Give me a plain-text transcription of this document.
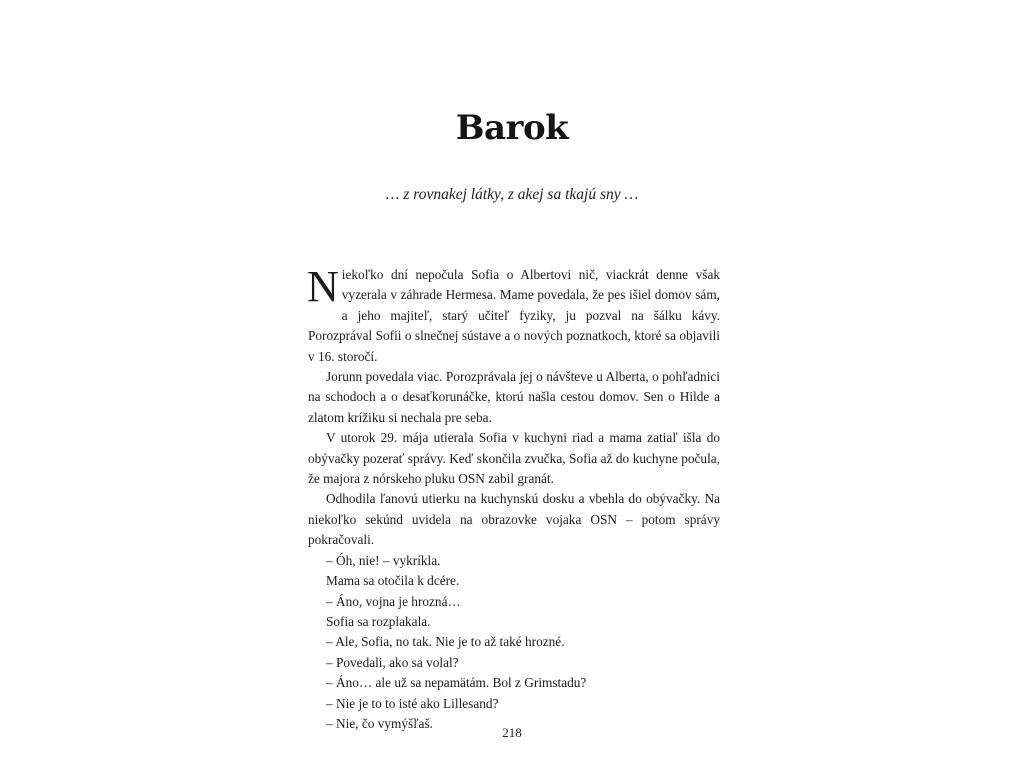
Barok

… z rovnakej látky, z akej sa tkajú sny …

Niekoľko dní nepočula Sofia o Albertovi nič, viackrát denne však vyzerala v záhrade Hermesa. Mame povedala, že pes išiel domov sám, a jeho majiteľ, starý učiteľ fyziky, ju pozval na šálku kávy. Porozprával Sofii o slnečnej sústave a o nových poznatkoch, ktoré sa objavili v 16. storočí.

Jorunn povedala viac. Porozprávala jej o návšteve u Alberta, o pohľadnici na schodoch a o desaťkorunáčke, ktorú našla cestou domov. Sen o Hilde a zlatom krížiku si nechala pre seba.

V utorok 29. mája utierala Sofia v kuchyni riad a mama zatiaľ išla do obývačky pozerať správy. Keď skončila zvučka, Sofia až do kuchyne počula, že majora z nórskeho pluku OSN zabil granát.

Odhodila ľanovú utierku na kuchynskú dosku a vbehla do obývačky. Na niekoľko sekúnd uvidela na obrazovke vojaka OSN – potom správy pokračovali.

– Óh, nie! – vykríkla.

Mama sa otočila k dcére.

– Áno, vojna je hrozná…

Sofia sa rozplakala.

– Ale, Sofia, no tak. Nie je to až také hrozné.

– Povedali, ako sa volal?

– Áno… ale už sa nepamätám. Bol z Grimstadu?

– Nie je to to isté ako Lillesand?

– Nie, čo vymýšľaš.

218
